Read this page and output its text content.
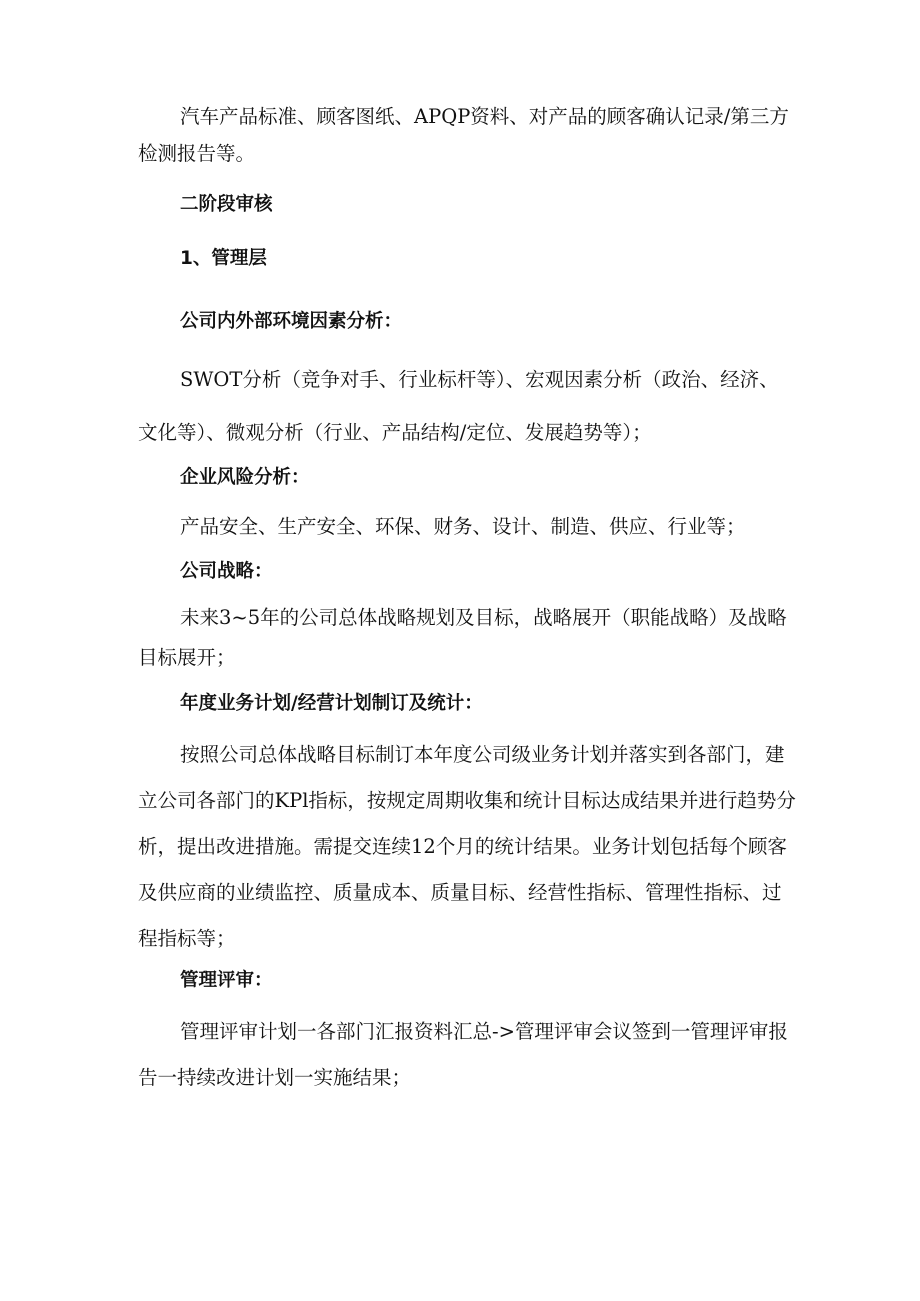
汽车产品标准、顾客图纸、APQP资料、对产品的顾客确认记录/第三方检测报告等。

二阶段审核

1、管理层

公司内外部环境因素分析：

SWOT分析（竞争对手、行业标杆等）、宏观因素分析（政治、经济、文化等）、微观分析（行业、产品结构/定位、发展趋势等）；

企业风险分析：

产品安全、生产安全、环保、财务、设计、制造、供应、行业等；

公司战略：

未来3~5年的公司总体战略规划及目标，战略展开（职能战略）及战略目标展开；

年度业务计划/经营计划制订及统计：

按照公司总体战略目标制订本年度公司级业务计划并落实到各部门，建立公司各部门的KPl指标，按规定周期收集和统计目标达成结果并进行趋势分析，提出改进措施。需提交连续12个月的统计结果。业务计划包括每个顾客及供应商的业绩监控、质量成本、质量目标、经营性指标、管理性指标、过程指标等；

管理评审：

管理评审计划一各部门汇报资料汇总->管理评审会议签到一管理评审报告一持续改进计划一实施结果；
